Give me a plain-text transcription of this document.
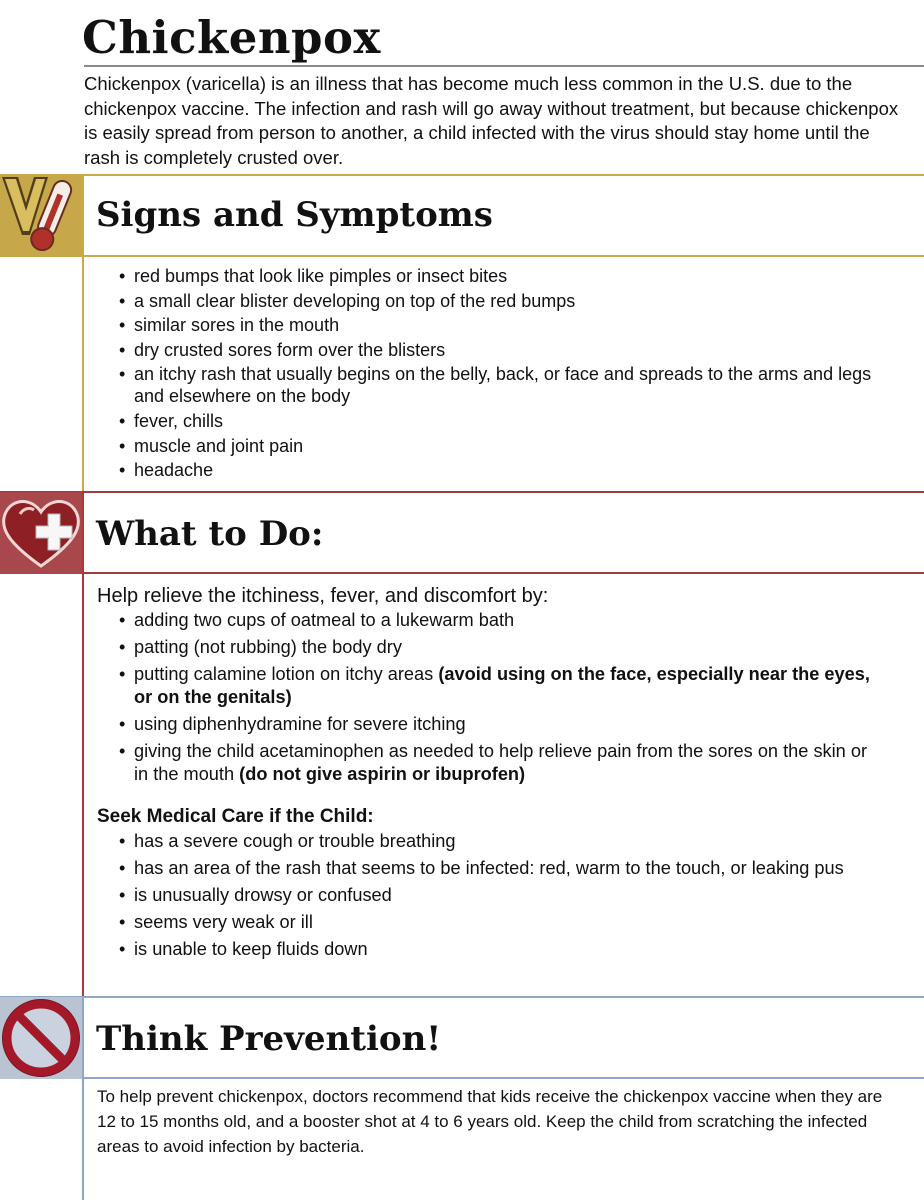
Chickenpox

Chickenpox (varicella) is an illness that has become much less common in the U.S. due to the chickenpox vaccine. The infection and rash will go away without treatment, but because chickenpox is easily spread from person to another, a child infected with the virus should stay home until the rash is completely crusted over.

Signs and Symptoms
• red bumps that look like pimples or insect bites
• a small clear blister developing on top of the red bumps
• similar sores in the mouth
• dry crusted sores form over the blisters
• an itchy rash that usually begins on the belly, back, or face and spreads to the arms and legs and elsewhere on the body
• fever, chills
• muscle and joint pain
• headache
What to Do:
Help relieve the itchiness, fever, and discomfort by:
• adding two cups of oatmeal to a lukewarm bath
• patting (not rubbing) the body dry
• putting calamine lotion on itchy areas (avoid using on the face, especially near the eyes, or on the genitals)
• using diphenhydramine for severe itching
• giving the child acetaminophen as needed to help relieve pain from the sores on the skin or in the mouth (do not give aspirin or ibuprofen)
Seek Medical Care if the Child:
• has a severe cough or trouble breathing
• has an area of the rash that seems to be infected: red, warm to the touch, or leaking pus
• is unusually drowsy or confused
• seems very weak or ill
• is unable to keep fluids down
Think Prevention!

To help prevent chickenpox, doctors recommend that kids receive the chickenpox vaccine when they are 12 to 15 months old, and a booster shot at 4 to 6 years old. Keep the child from scratching the infected areas to avoid infection by bacteria.
